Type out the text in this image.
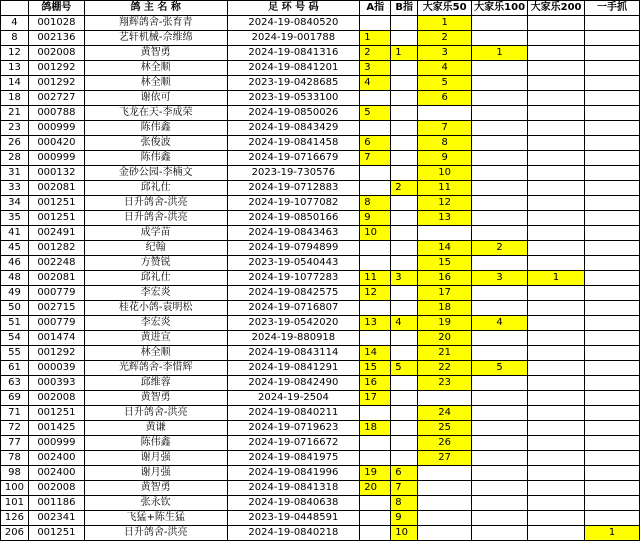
	鸽棚号	鸽 主 名 称	足 环 号 码	A指	B指	大家乐50	大家乐100	大家乐200	一手抓
4	001028	翔辉鸽舍-张育青	2024-19-0840520			1			
8	002136	艺轩机械-佘维绵	2024-19-001788	1		2			
12	002008	黄智勇	2024-19-0841316	2	1	3	1		
13	001292	林全顺	2024-19-0841201	3		4			
14	001292	林全顺	2023-19-0428685	4		5			
18	002727	谢依可	2023-19-0533100			6			
21	000788	飞龙在天-李成荣	2024-19-0850026	5					
23	000999	陈伟鑫	2024-19-0843429			7			
26	000420	张俊波	2024-19-0841458	6		8			
28	000999	陈伟鑫	2024-19-0716679	7		9			
31	000132	金砂公园-李楠文	2023-19-730576			10			
33	002081	邱礼仕	2024-19-0712883		2	11			
34	001251	日升鸽舍-洪亮	2024-19-1077082	8		12			
35	001251	日升鸽舍-洪亮	2024-19-0850166	9		13			
41	002491	成学苗	2024-19-0843463	10					
45	001282	纪翰	2024-19-0794899			14	2		
46	002248	方赞锐	2023-19-0540443			15			
48	002081	邱礼仕	2024-19-1077283	11	3	16	3	1	
49	000779	李宏炎	2024-19-0842575	12		17			
50	002715	桂花小鸽-袁明松	2024-19-0716807			18			
51	000779	李宏炎	2023-19-0542020	13	4	19	4		
54	001474	黄进宣	2024-19-880918			20			
55	001292	林全顺	2024-19-0843114	14		21			
61	000039	光辉鸽舍-李惜辉	2024-19-0841291	15	5	22	5		
63	000393	邱维蓉	2024-19-0842490	16		23			
69	002008	黄智勇	2024-19-2504	17					
71	001251	日升鸽舍-洪亮	2024-19-0840211			24			
72	001425	黄谦	2024-19-0719623	18		25			
77	000999	陈伟鑫	2024-19-0716672			26			
78	002400	谢月强	2024-19-0841975			27			
98	002400	谢月强	2024-19-0841996	19	6				
100	002008	黄智勇	2024-19-0841318	20	7				
101	001186	张永钦	2024-19-0840638		8				
126	002341	飞猛+陈生猛	2023-19-0448591		9				
206	001251	日升鸽舍-洪亮	2024-19-0840218		10				1
